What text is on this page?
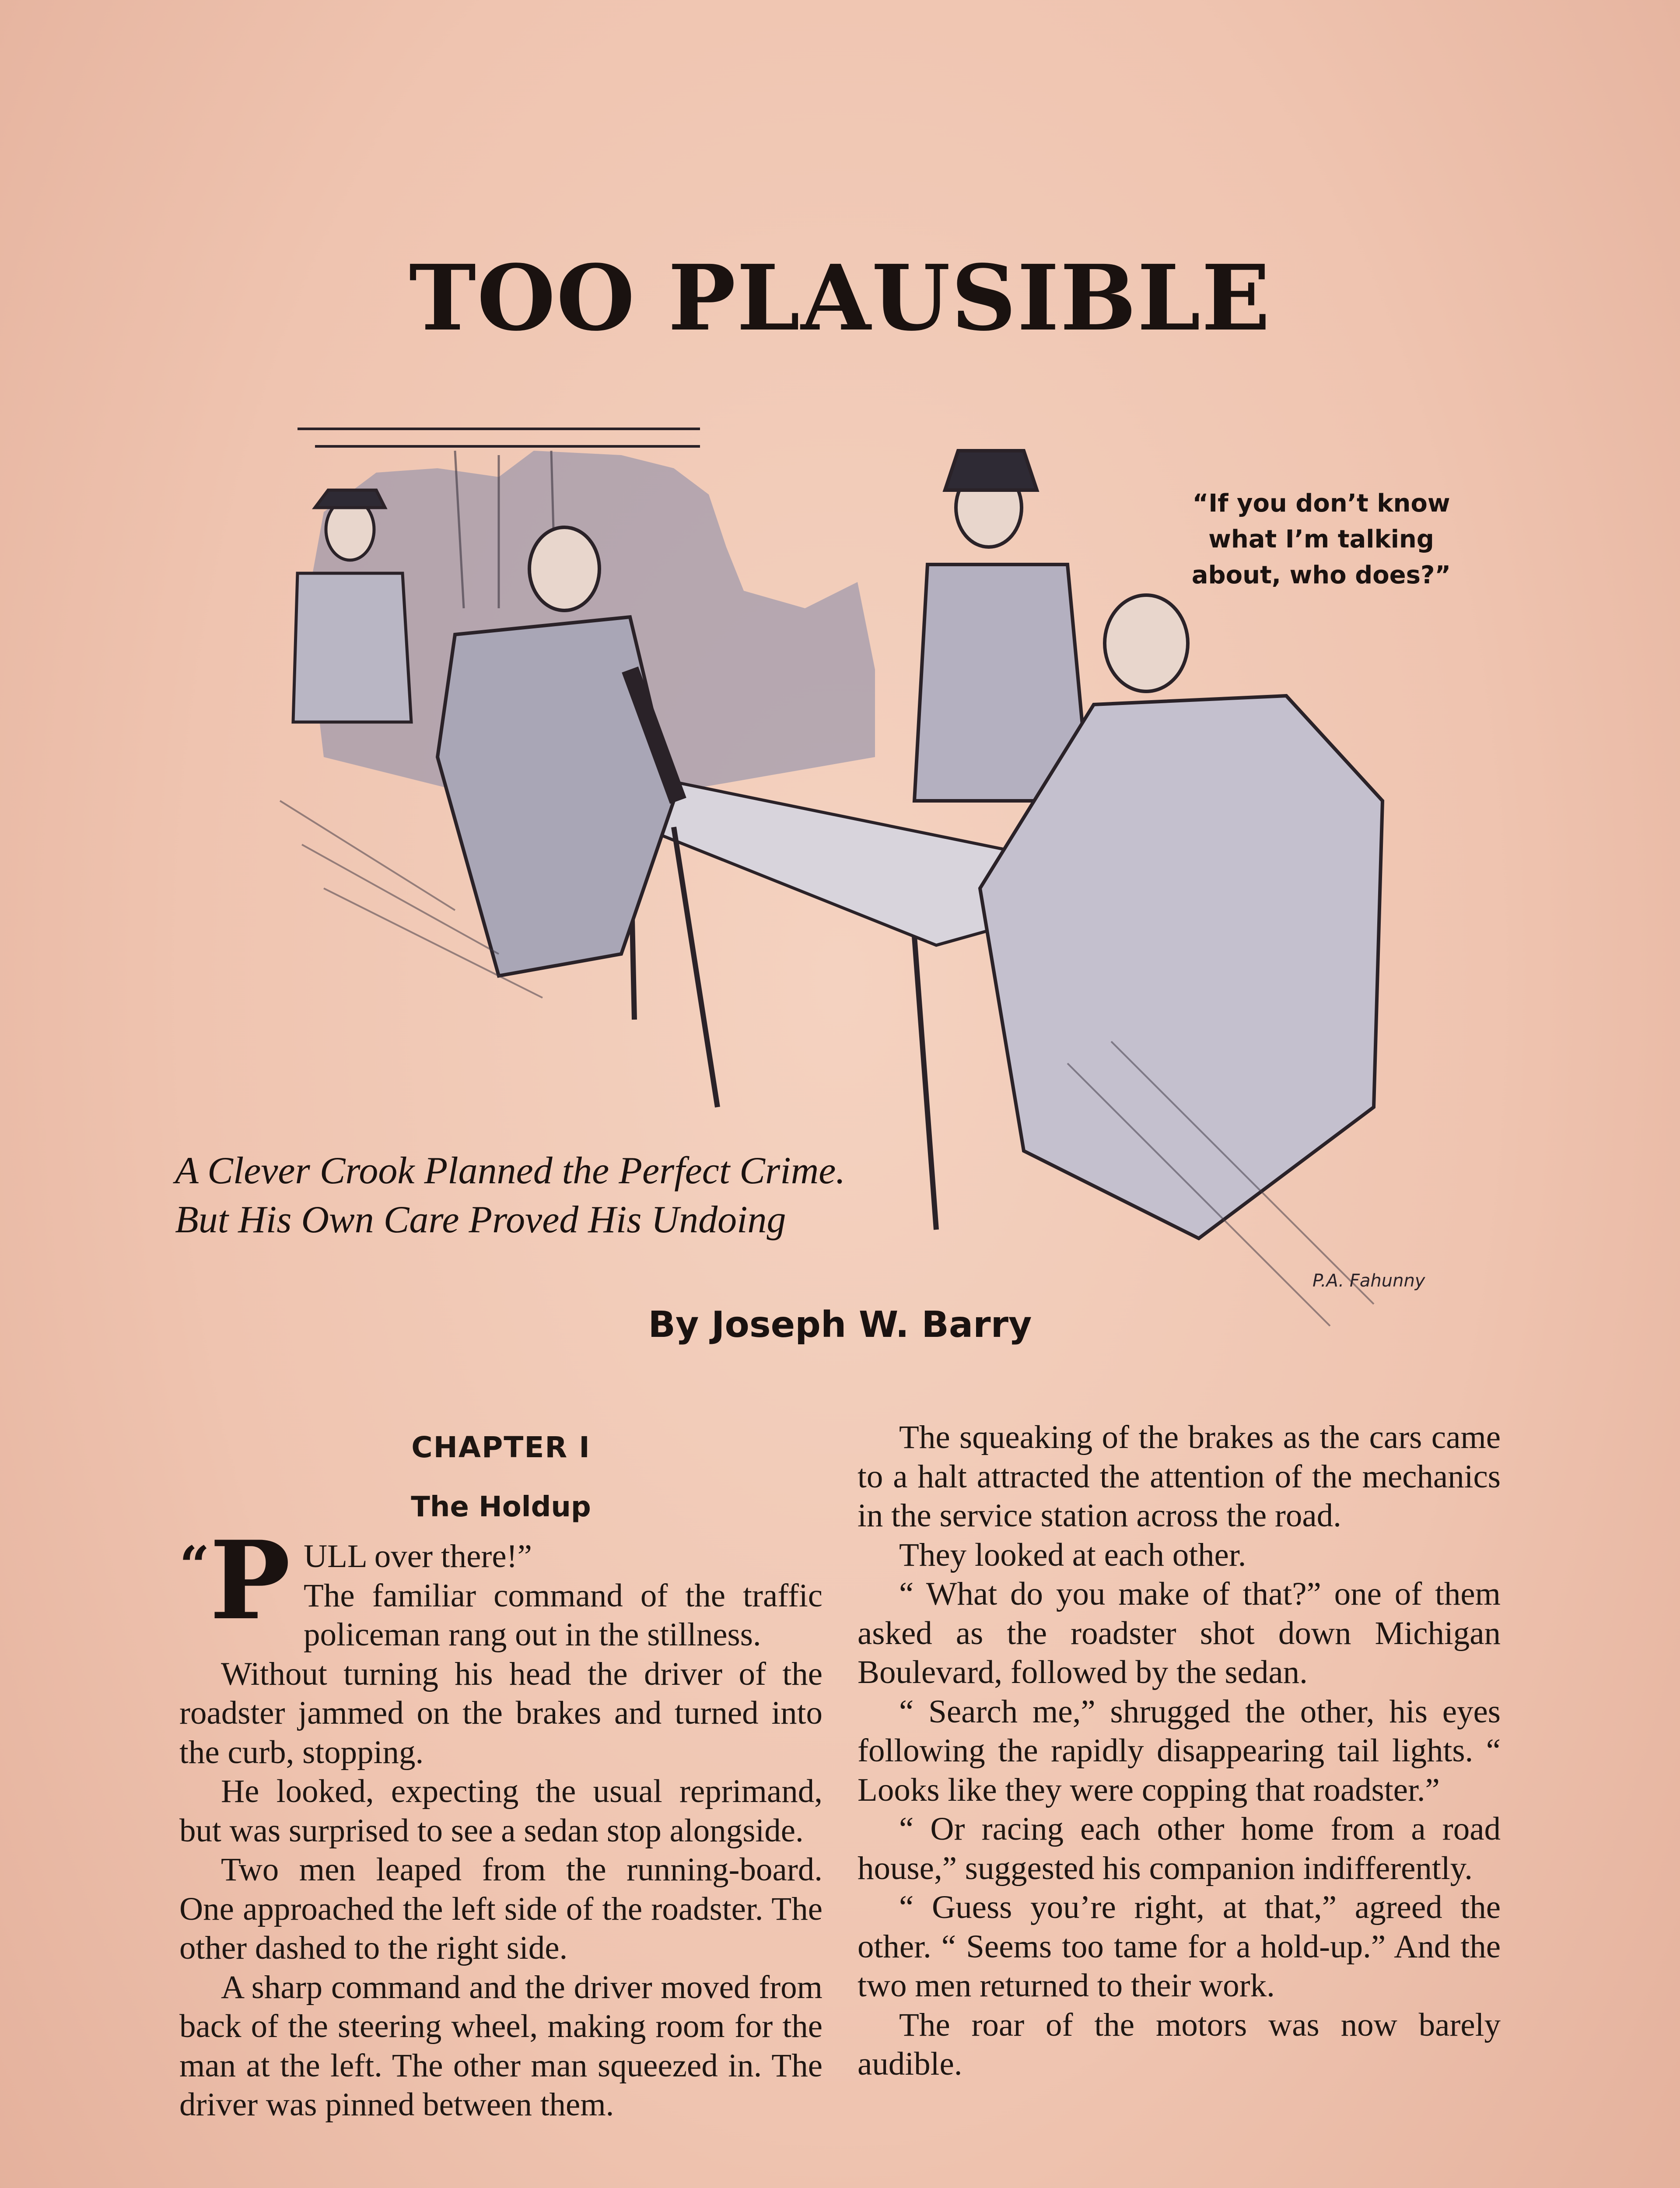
TOO PLAUSIBLE
P.A. Fahunny
“If you don’t know what I’m talking about, who does?”
A Clever Crook Planned the Perfect Crime.
But His Own Care Proved His Undoing
By Joseph W. Barry

CHAPTER I

The Holdup

“P ULL over there!”
The familiar command of the traffic policeman rang out in the stillness.

Without turning his head the driver of the roadster jammed on the brakes and turned into the curb, stopping.

He looked, expecting the usual reprimand, but was surprised to see a sedan stop alongside.

Two men leaped from the running-board. One approached the left side of the roadster. The other dashed to the right side.

A sharp command and the driver moved from back of the steering wheel, making room for the man at the left. The other man squeezed in. The driver was pinned between them.

The squeaking of the brakes as the cars came to a halt attracted the attention of the mechanics in the service station across the road.

They looked at each other.

“ What do you make of that?” one of them asked as the roadster shot down Michigan Boulevard, followed by the sedan.

“ Search me,” shrugged the other, his eyes following the rapidly disappearing tail lights. “ Looks like they were copping that roadster.”

“ Or racing each other home from a road house,” suggested his companion indifferently.

“ Guess you’re right, at that,” agreed the other. “ Seems too tame for a hold-up.” And the two men returned to their work.

The roar of the motors was now barely audible.
